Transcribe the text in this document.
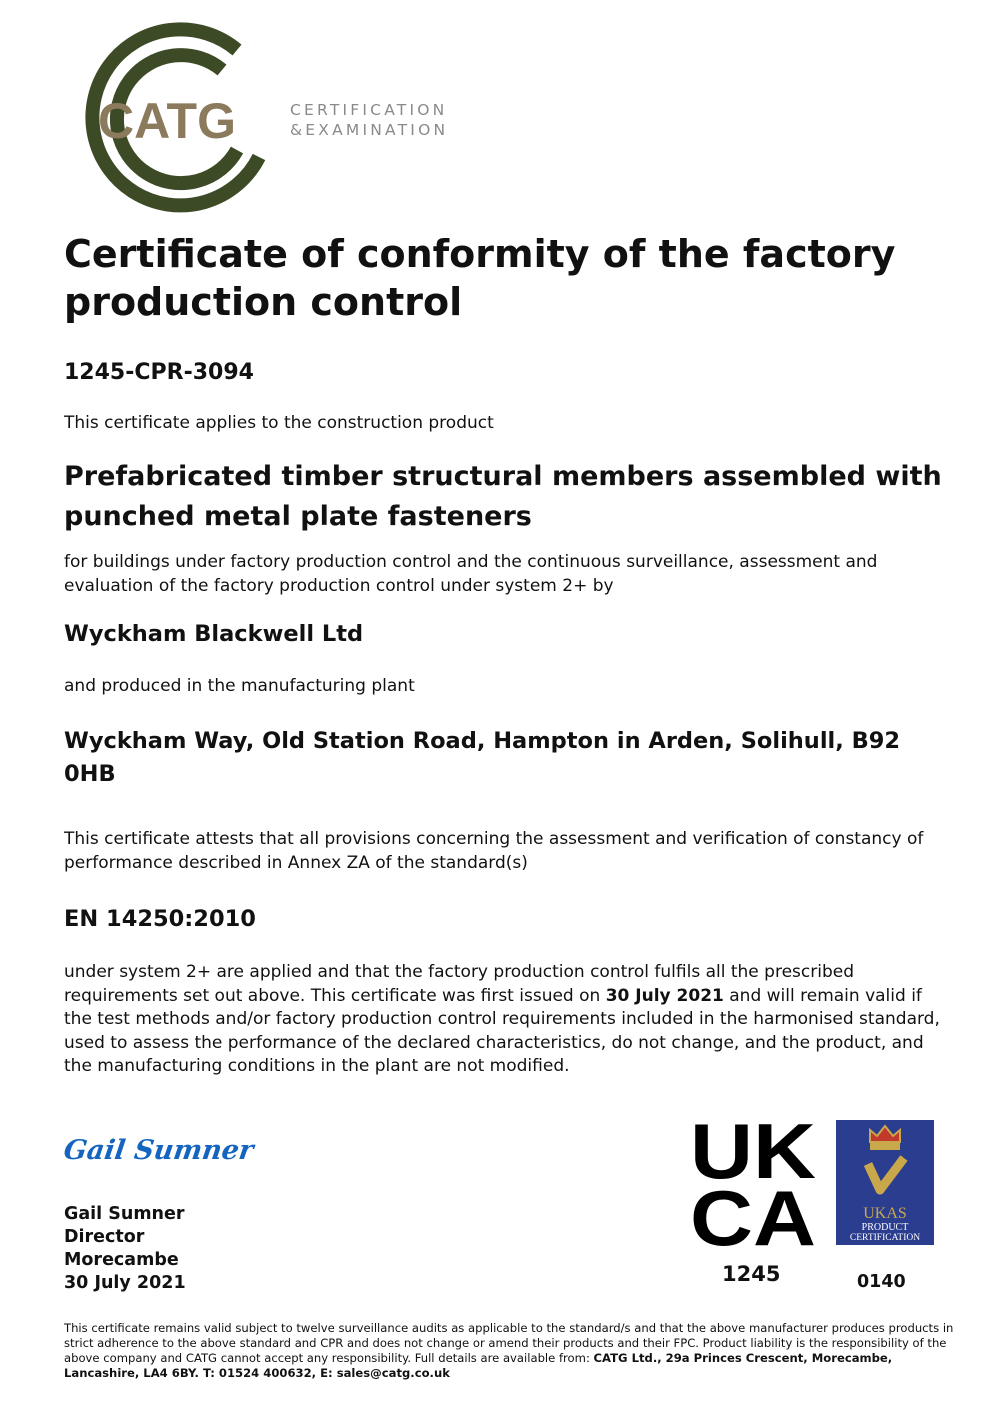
CATG	CERTIFICATION
&EXAMINATION
Certificate of conformity of the factory production control
1245-CPR-3094
This certificate applies to the construction product
Prefabricated timber structural members assembled with punched metal plate fasteners
for buildings under factory production control and the continuous surveillance, assessment and evaluation of the factory production control under system 2+ by
Wyckham Blackwell Ltd
and produced in the manufacturing plant
Wyckham Way, Old Station Road, Hampton in Arden, Solihull, B92 0HB
This certificate attests that all provisions concerning the assessment and verification of constancy of performance described in Annex ZA of the standard(s)
EN 14250:2010
under system 2+ are applied and that the factory production control fulfils all the prescribed requirements set out above. This certificate was first issued on 30 July 2021 and will remain valid if the test methods and/or factory production control requirements included in the harmonised standard, used to assess the performance of the declared characteristics, do not change, and the product, and the manufacturing conditions in the plant are not modified.
Gail Sumner
Gail Sumner
Director
Morecambe
30 July 2021
UK
CA
1245
UKAS
PRODUCT
CERTIFICATION
0140
This certificate remains valid subject to twelve surveillance audits as applicable to the standard/s and that the above manufacturer produces products in strict adherence to the above standard and CPR and does not change or amend their products and their FPC. Product liability is the responsibility of the above company and CATG cannot accept any responsibility. Full details are available from: CATG Ltd., 29a Princes Crescent, Morecambe, Lancashire, LA4 6BY. T: 01524 400632, E: sales@catg.co.uk
